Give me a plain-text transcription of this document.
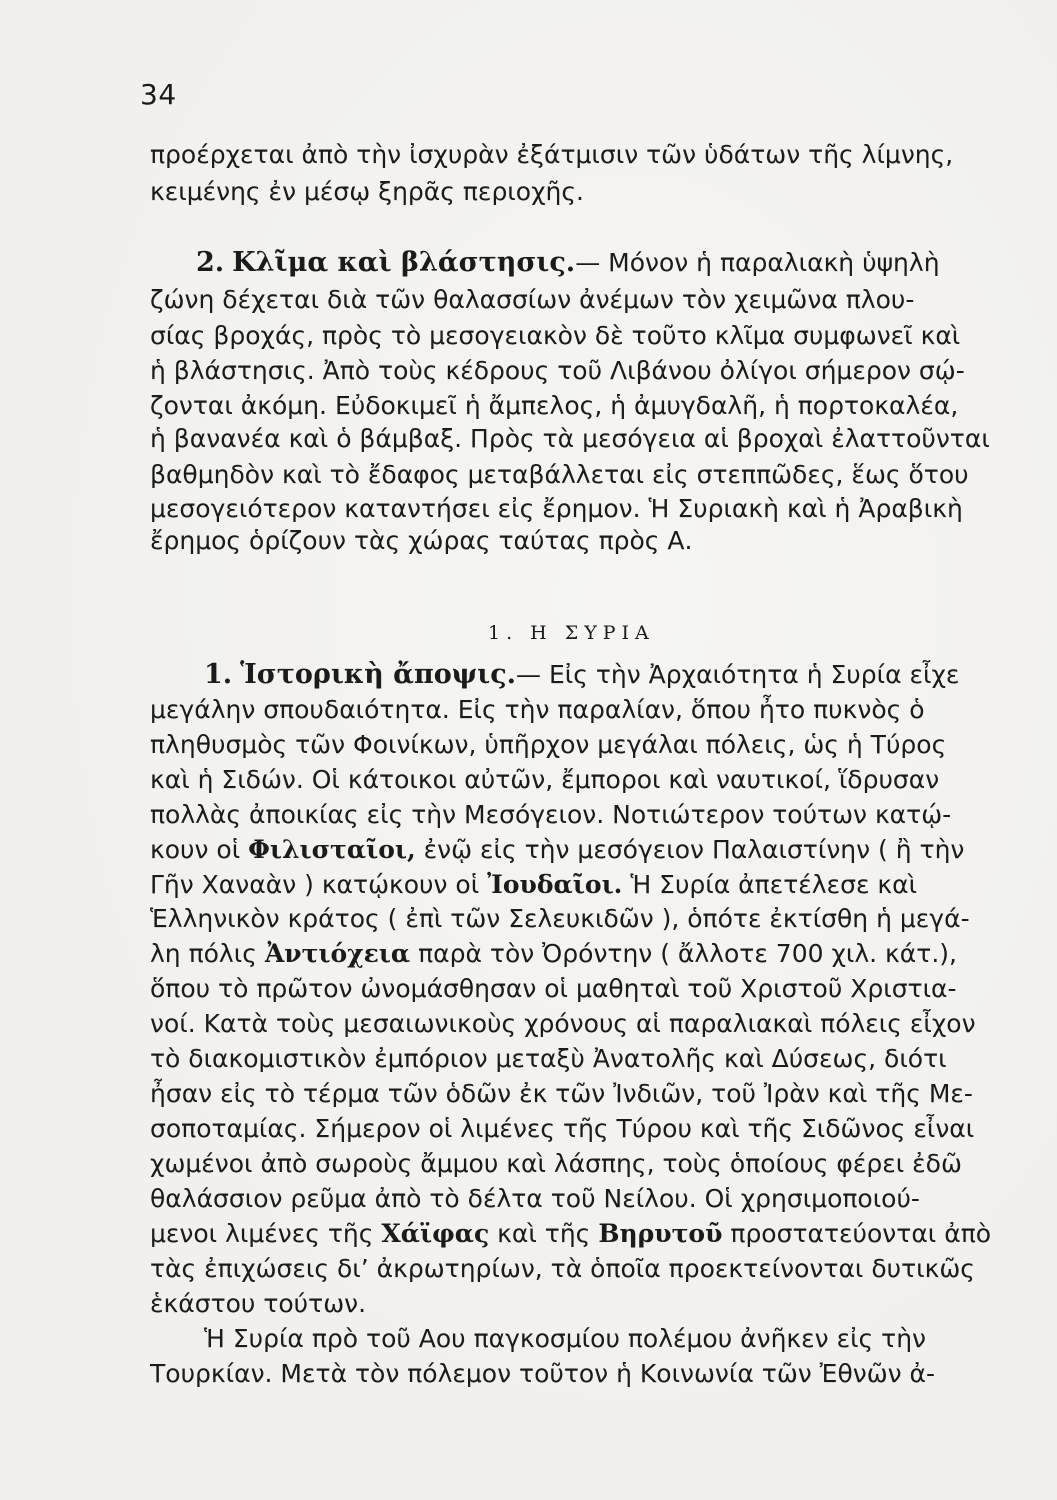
34
προέρχεται ἀπὸ τὴν ἰσχυρὰν ἐξάτμισιν τῶν ὑδάτων τῆς λίμνης,
κειμένης ἐν μέσῳ ξηρᾶς περιοχῆς.
2. Κλῖμα καὶ βλάστησις.— Μόνον ἡ παραλιακὴ ὑψηλὴ
ζώνη δέχεται διὰ τῶν θαλασσίων ἀνέμων τὸν χειμῶνα πλου-
σίας βροχάς, πρὸς τὸ μεσογειακὸν δὲ τοῦτο κλῖμα συμφωνεῖ καὶ
ἡ βλάστησις. Ἀπὸ τοὺς κέδρους τοῦ Λιβάνου ὀλίγοι σήμερον σῴ-
ζονται ἀκόμη. Εὐδοκιμεῖ ἡ ἄμπελος, ἡ ἀμυγδαλῆ, ἡ πορτοκαλέα,
ἡ βανανέα καὶ ὁ βάμβαξ. Πρὸς τὰ μεσόγεια αἱ βροχαὶ ἐλαττοῦνται
βαθμηδὸν καὶ τὸ ἔδαφος μεταβάλλεται εἰς στεππῶδες, ἕως ὅτου
μεσογειότερον καταντήσει εἰς ἔρημον. Ἡ Συριακὴ καὶ ἡ Ἀραβικὴ
ἔρημος ὁρίζουν τὰς χώρας ταύτας πρὸς Α.
1. Η ΣΥΡΙΑ
1. Ἱστορικὴ ἄποψις.— Εἰς τὴν Ἀρχαιότητα ἡ Συρία εἶχε
μεγάλην σπουδαιότητα. Εἰς τὴν παραλίαν, ὅπου ἦτο πυκνὸς ὁ
πληθυσμὸς τῶν Φοινίκων, ὑπῆρχον μεγάλαι πόλεις, ὡς ἡ Τύρος
καὶ ἡ Σιδών. Οἱ κάτοικοι αὐτῶν, ἔμποροι καὶ ναυτικοί, ἵδρυσαν
πολλὰς ἀποικίας εἰς τὴν Μεσόγειον. Νοτιώτερον τούτων κατῴ-
κουν οἱ Φιλισταῖοι, ἐνῷ εἰς τὴν μεσόγειον Παλαιστίνην ( ἢ τὴν
Γῆν Χαναὰν ) κατῴκουν οἱ Ἰουδαῖοι. Ἡ Συρία ἀπετέλεσε καὶ
Ἑλληνικὸν κράτος ( ἐπὶ τῶν Σελευκιδῶν ), ὁπότε ἐκτίσθη ἡ μεγά-
λη πόλις Ἀντιόχεια παρὰ τὸν Ὀρόντην ( ἄλλοτε 700 χιλ. κάτ.),
ὅπου τὸ πρῶτον ὠνομάσθησαν οἱ μαθηταὶ τοῦ Χριστοῦ Χριστια-
νοί. Κατὰ τοὺς μεσαιωνικοὺς χρόνους αἱ παραλιακαὶ πόλεις εἶχον
τὸ διακομιστικὸν ἐμπόριον μεταξὺ Ἀνατολῆς καὶ Δύσεως, διότι
ἦσαν εἰς τὸ τέρμα τῶν ὁδῶν ἐκ τῶν Ἰνδιῶν, τοῦ Ἰρὰν καὶ τῆς Με-
σοποταμίας. Σήμερον οἱ λιμένες τῆς Τύρου καὶ τῆς Σιδῶνος εἶναι
χωμένοι ἀπὸ σωροὺς ἄμμου καὶ λάσπης, τοὺς ὁποίους φέρει ἐδῶ
θαλάσσιον ρεῦμα ἀπὸ τὸ δέλτα τοῦ Νείλου. Οἱ χρησιμοποιού-
μενοι λιμένες τῆς Χάϊφας καὶ τῆς Βηρυτοῦ προστατεύονται ἀπὸ
τὰς ἐπιχώσεις δι’ ἀκρωτηρίων, τὰ ὁποῖα προεκτείνονται δυτικῶς
ἑκάστου τούτων.
Ἡ Συρία πρὸ τοῦ Αου παγκοσμίου πολέμου ἀνῆκεν εἰς τὴν
Τουρκίαν. Μετὰ τὸν πόλεμον τοῦτον ἡ Κοινωνία τῶν Ἐθνῶν ἀ-
